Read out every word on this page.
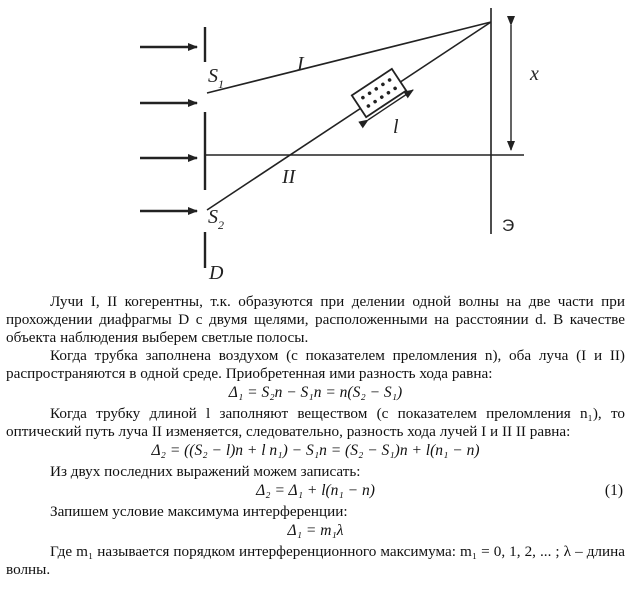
$S_1$
$S_2$
D
I
II
x
l
Э

Лучи I, II когерентны, т.к. образуются при делении одной волны на две части при прохождении диафрагмы D с двумя щелями, расположенными на расстоянии d. В качестве объекта наблюдения выберем светлые полосы.

Когда трубка заполнена воздухом (с показателем преломления n), оба луча (I и II) распространяются в одной среде. Приобретенная ими разность хода равна:

Δ₁ = S₂n − S₁n = n(S₂ − S₁)

Когда трубку длиной l заполняют веществом (с показателем преломления n₁), то оптический путь луча II изменяется, следовательно, разность хода лучей I и II II равна:

Δ₂ = ((S₂ − l)n + l n₁) − S₁n = (S₂ − S₁)n + l(n₁ − n)

Из двух последних выражений можем записать:

Δ₂ = Δ₁ + l(n₁ − n)	(1)

Запишем условие максимума интерференции:

Δ₁ = m₁λ

Где m₁ называется порядком интерференционного максимума: m₁ = 0, 1, 2, ... ; λ – длина волны.
